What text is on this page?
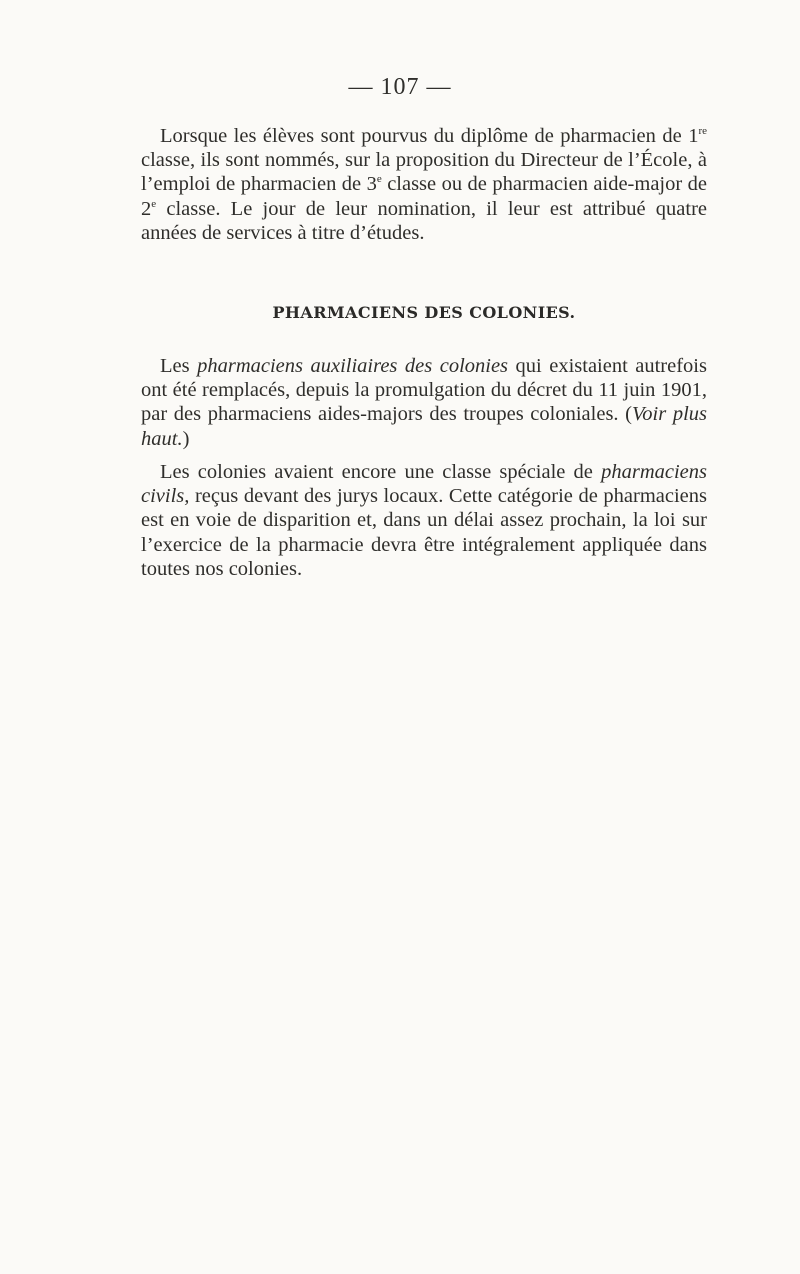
— 107 —

Lorsque les élèves sont pourvus du diplôme de pharmacien de 1re classe, ils sont nommés, sur la proposition du Directeur de l’École, à l’emploi de pharmacien de 3e classe ou de pharmacien aide-major de 2e classe. Le jour de leur nomination, il leur est attribué quatre années de services à titre d’études.

PHARMACIENS DES COLONIES.

Les pharmaciens auxiliaires des colonies qui existaient autrefois ont été remplacés, depuis la promulgation du décret du 11 juin 1901, par des pharmaciens aides-majors des troupes coloniales. (Voir plus haut.)

Les colonies avaient encore une classe spéciale de pharmaciens civils, reçus devant des jurys locaux. Cette catégorie de pharmaciens est en voie de disparition et, dans un délai assez prochain, la loi sur l’exercice de la pharmacie devra être intégralement appliquée dans toutes nos colonies.
